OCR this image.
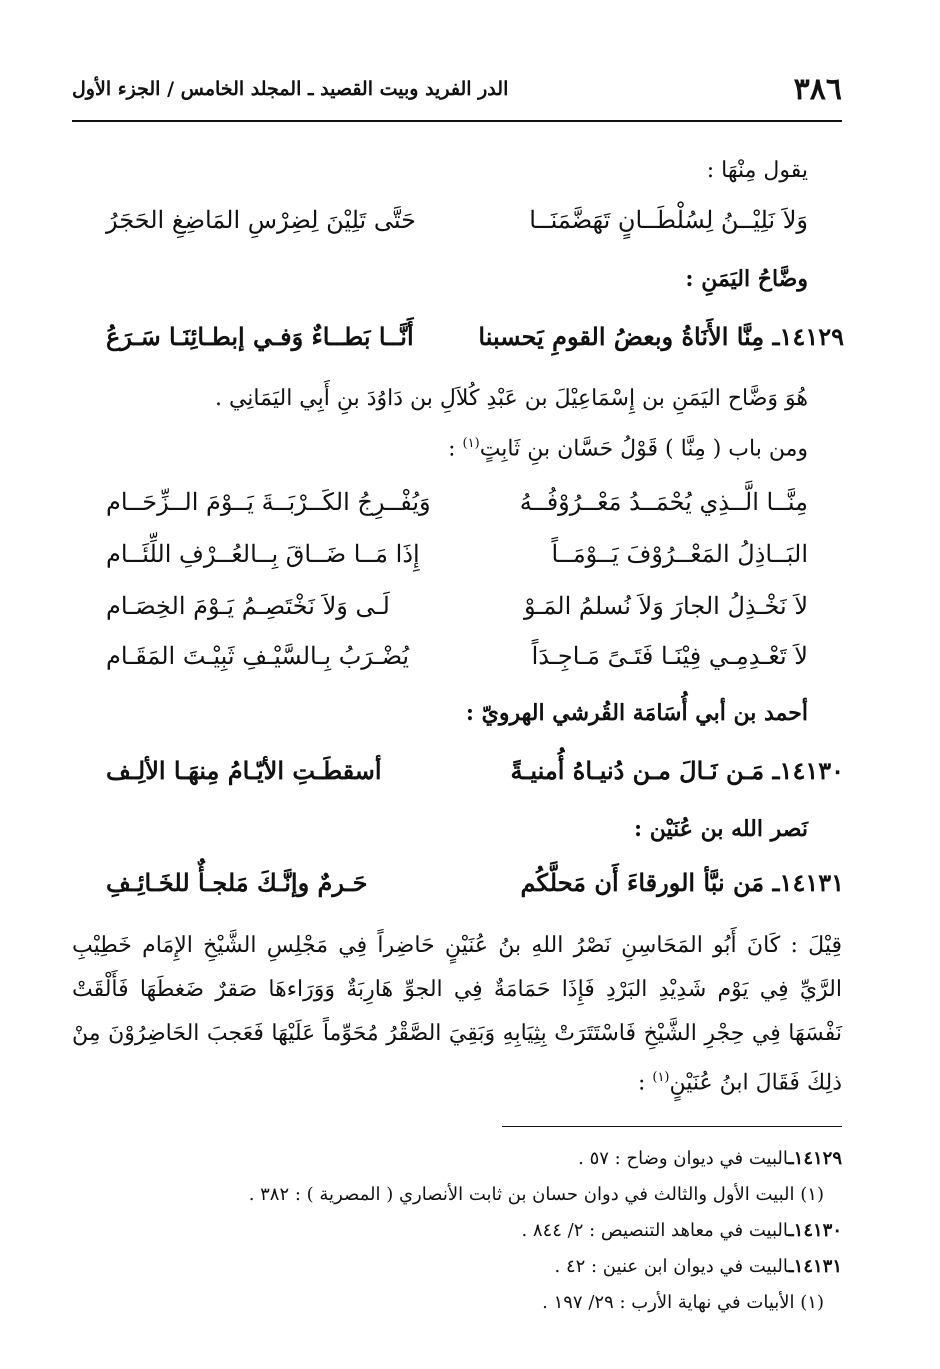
٣٨٦
الدر الفريد وبيت القصيد ـ المجلد الخامس / الجزء الأول
يقول مِنْهَا :
وَلاَ نَلِيْــنُ لِسُلْطَــانٍ تَهَضَّمَنَــا
حَتَّى تَلِيْنَ لِضِرْسِ المَاضِغِ الحَجَرُ
وضَّاحُ اليَمَنِ :
١٤١٢٩ـ مِنَّا الأَنَاةُ وبعضُ القومِ يَحسبنا
أَنَّــا بَطــاءٌ وَفـي إبطـائِنَـا سَـرَعُ
هُوَ وَضَّاح اليَمَنِ بن إِسْمَاعِيْلَ بن عَبْدِ كُلاَلِ بن دَاوُدَ بنِ أَبِي اليَمَانِي .
ومن باب ( مِنَّا ) قَوْلُ حَسَّان بنِ ثَابِتٍ$^{(١)}$ :
مِنَّــا الَّــذِي يُحْمَــدُ مَعْــرُوْفُــهُ
وَيُفْــرِجُ الكَــرْبَــةَ يَــوْمَ الــزِّحَــام
البَــاذِلُ المَعْــرُوْفَ يَــوْمَــاً
إِذَا مَــا ضَــاقَ بِــالعُــرْفِ اللِّئَــام
لاَ نَخْـذِلُ الجارَ وَلاَ نُسلمُ المَـوْ
لَـى وَلاَ نَخْتَصِـمُ يَـوْمَ الخِصَـام
لاَ تَعْـدِمِـي فِيْنَـا فَتَـىً مَـاجِـدَاً
يُضْـرَبُ بِـالسَّيْـفِ ثَبِيْـتَ المَقَـام
أحمد بن أبي أُسَامَة القُرشي الهرويّ :
١٤١٣٠ـ مَـن نَـالَ مـن دُنيـاهُ أُمنيـةً
أسقطَـتِ الأيّـامُ مِنهَـا الألِـف
نَصر الله بن عُنَيْن :
١٤١٣١ـ مَن نبَّأ الورقاءَ أَن مَحلَّكُم
حَـرمٌ وإنَّـكَ مَلجـأٌ للخَـائِـفِ
قِيْلَ : كَانَ أَبُو المَحَاسِنِ نَصْرُ اللهِ بنُ عُنَيْنٍ حَاضِراً فِي مَجْلِسِ الشَّيْخِ الإِمَام خَطِيْبِ الرَّيِّ فِي يَوْم شَدِيْدِ البَرْدِ فَإِذَا حَمَامَةٌ فِي الجوِّ هَارِبَةٌ وَوَرَاءهَا صَقرٌ ضَغطَهَا فَأَلْقَتْ نَفْسَهَا فِي حِجْرِ الشَّيْخِ فَاسْتَتَرَتْ بِثِيَابِهِ وَبَقِيَ الصَّقْرُ مُحَوِّماً عَلَيْهَا فَعَجبَ الحَاضِرُوْنَ مِنْ ذلِكَ فَقَالَ ابنُ عُنَيْنٍ$^{(١)}$ :
١٤١٢٩ـالبيت في ديوان وضاح : ٥٧ .
(١) البيت الأول والثالث في دوان حسان بن ثابت الأنصاري ( المصرية ) : ٣٨٢ .
١٤١٣٠ـالبيت في معاهد التنصيص : ٢/ ٨٤٤ .
١٤١٣١ـالبيت في ديوان ابن عنين : ٤٢ .
(١) الأبيات في نهاية الأرب : ٢٩/ ١٩٧ .
